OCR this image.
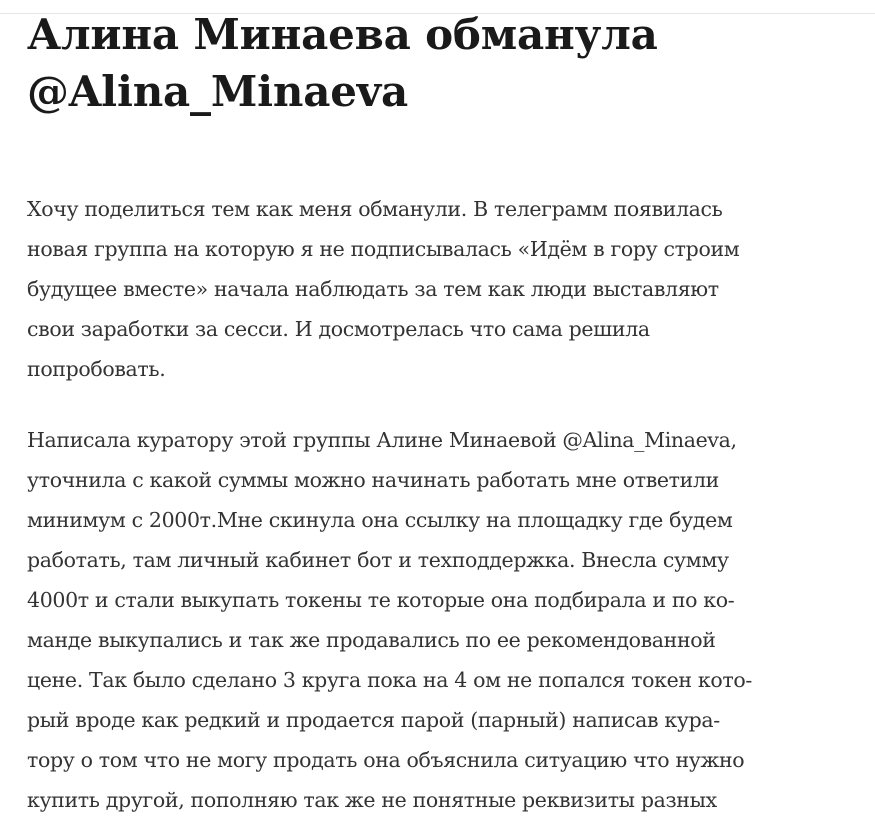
Алина Минаева обманула
@Alina_Minaeva

Хочу поделиться тем как меня обманули. В телеграмм появилась
новая группа на которую я не подписывалась «Идём в гору строим
будущее вместе» начала наблюдать за тем как люди выставляют
свои заработки за сесси. И досмотрелась что сама решила
попробовать.

Написала куратору этой группы Алине Минаевой @Alina_Minaeva,
уточнила с какой суммы можно начинать работать мне ответили
минимум с 2000т.Мне скинула она ссылку на площадку где будем
работать, там личный кабинет бот и техподдержка. Внесла сумму
4000т и стали выкупать токены те которые она подбирала и по ко-
манде выкупались и так же продавались по ее рекомендованной
цене. Так было сделано 3 круга пока на 4 ом не попался токен кото-
рый вроде как редкий и продается парой (парный) написав кура-
тору о том что не могу продать она объяснила ситуацию что нужно
купить другой, пополняю так же не понятные реквизиты разных
